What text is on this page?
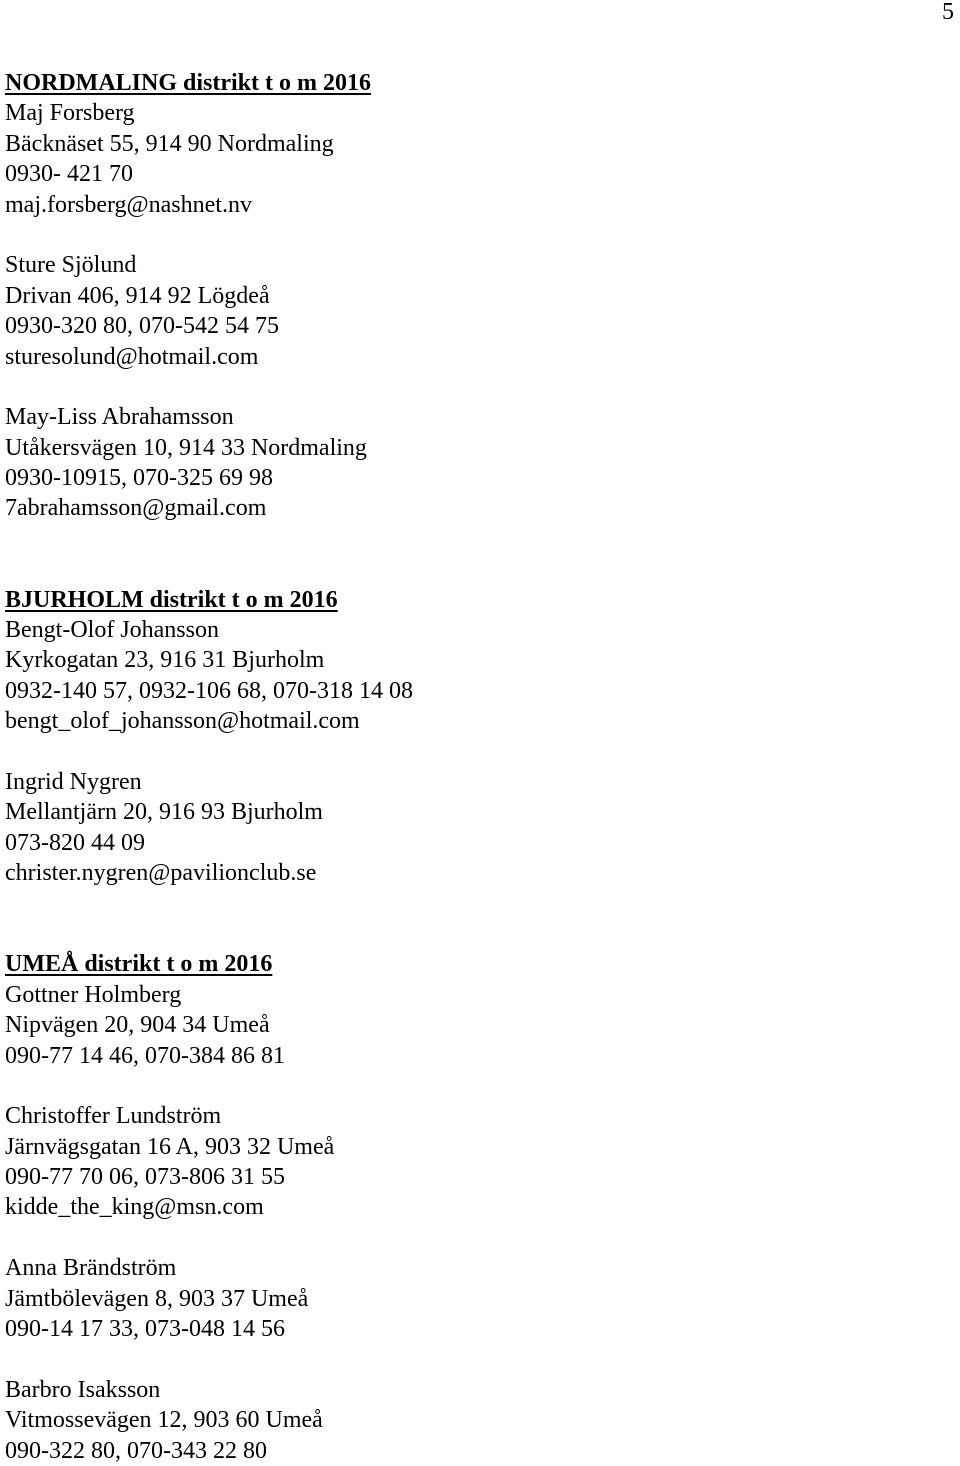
5
NORDMALING distrikt t o m 2016
Maj Forsberg
Bäcknäset 55, 914 90 Nordmaling
0930- 421 70
maj.forsberg@nashnet.nv
Sture Sjölund
Drivan 406, 914 92 Lögdeå
0930-320 80, 070-542 54 75
sturesolund@hotmail.com
May-Liss Abrahamsson
Utåkersvägen 10, 914 33 Nordmaling
0930-10915, 070-325 69 98
7abrahamsson@gmail.com
BJURHOLM distrikt t o m 2016
Bengt-Olof Johansson
Kyrkogatan 23, 916 31 Bjurholm
0932-140 57, 0932-106 68, 070-318 14 08
bengt_olof_johansson@hotmail.com
Ingrid Nygren
Mellantjärn 20, 916 93 Bjurholm
073-820 44 09
christer.nygren@pavilionclub.se
UMEÅ distrikt t o m 2016
Gottner Holmberg
Nipvägen 20, 904 34 Umeå
090-77 14 46, 070-384 86 81
Christoffer Lundström
Järnvägsgatan 16 A, 903 32 Umeå
090-77 70 06, 073-806 31 55
kidde_the_king@msn.com
Anna Brändström
Jämtbölevägen 8, 903 37 Umeå
090-14 17 33, 073-048 14 56
Barbro Isaksson
Vitmossevägen 12, 903 60 Umeå
090-322 80, 070-343 22 80
